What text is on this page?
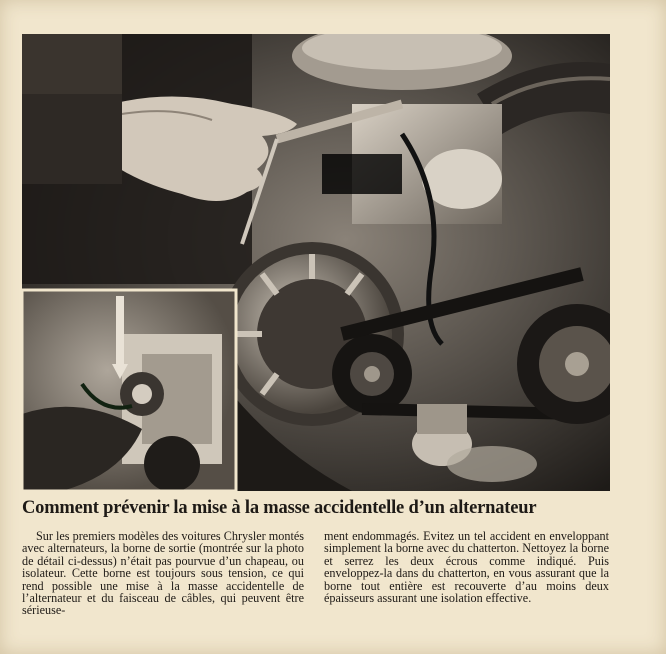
Comment prévenir la mise à la masse accidentelle d’un alternateur
Sur les premiers modèles des voitures Chrysler montés avec alternateurs, la borne de sortie (montrée sur la photo de détail ci-dessus) n’était pas pourvue d’un chapeau, ou isolateur. Cette borne est toujours sous tension, ce qui rend possible une mise à la masse accidentelle de l’alternateur et du faisceau de câbles, qui peuvent être sérieuse-
ment endommagés. Evitez un tel accident en enveloppant simplement la borne avec du chatterton. Nettoyez la borne et serrez les deux écrous comme indiqué. Puis enveloppez-la dans du chatterton, en vous assurant que la borne tout entière est recouverte d’au moins deux épaisseurs assurant une isolation effective.
